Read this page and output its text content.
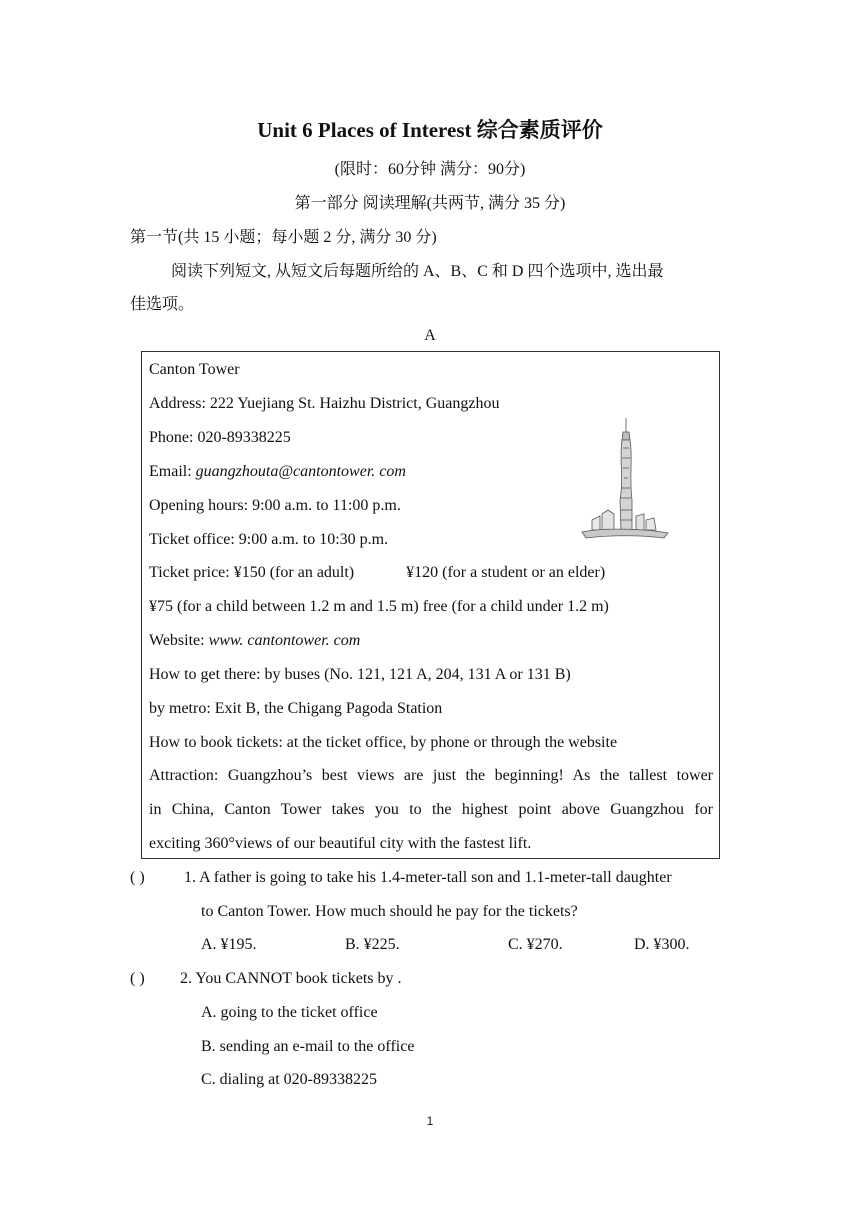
Unit 6 Places of Interest 综合素质评价
(限时：60分钟 满分：90分)
第一部分 阅读理解(共两节, 满分 35 分)
第一节(共 15 小题；每小题 2 分, 满分 30 分)
阅读下列短文, 从短文后每题所给的 A、B、C 和 D 四个选项中, 选出最
佳选项。
A
Canton Tower
Address: 222 Yuejiang St. Haizhu District, Guangzhou
Phone: 020-89338225
Email: guangzhouta@cantontower. com
Opening hours: 9:00 a.m. to 11:00 p.m.
Ticket office: 9:00 a.m. to 10:30 p.m.
Ticket price: ¥150 (for an adult)	¥120 (for a student or an elder)
¥75 (for a child between 1.2 m and 1.5 m) free (for a child under 1.2 m)
Website: www. cantontower. com
How to get there: by buses (No. 121, 121 A, 204, 131 A or 131 B)
by metro: Exit B, the Chigang Pagoda Station
How to book tickets: at the ticket office, by phone or through the website
Attraction: Guangzhou’s best views are just the beginning! As the tallest tower
in China, Canton Tower takes you to the highest point above Guangzhou for
exciting 360°views of our beautiful city with the fastest lift.
( ) 1. A father is going to take his 1.4-meter-tall son and 1.1-meter-tall daughter
to Canton Tower. How much should he pay for the tickets?
A. ¥195.	B. ¥225.	C. ¥270.	D. ¥300.
( ) 2. You CANNOT book tickets by .
A. going to the ticket office
B. sending an e-mail to the office
C. dialing at 020-89338225
1
